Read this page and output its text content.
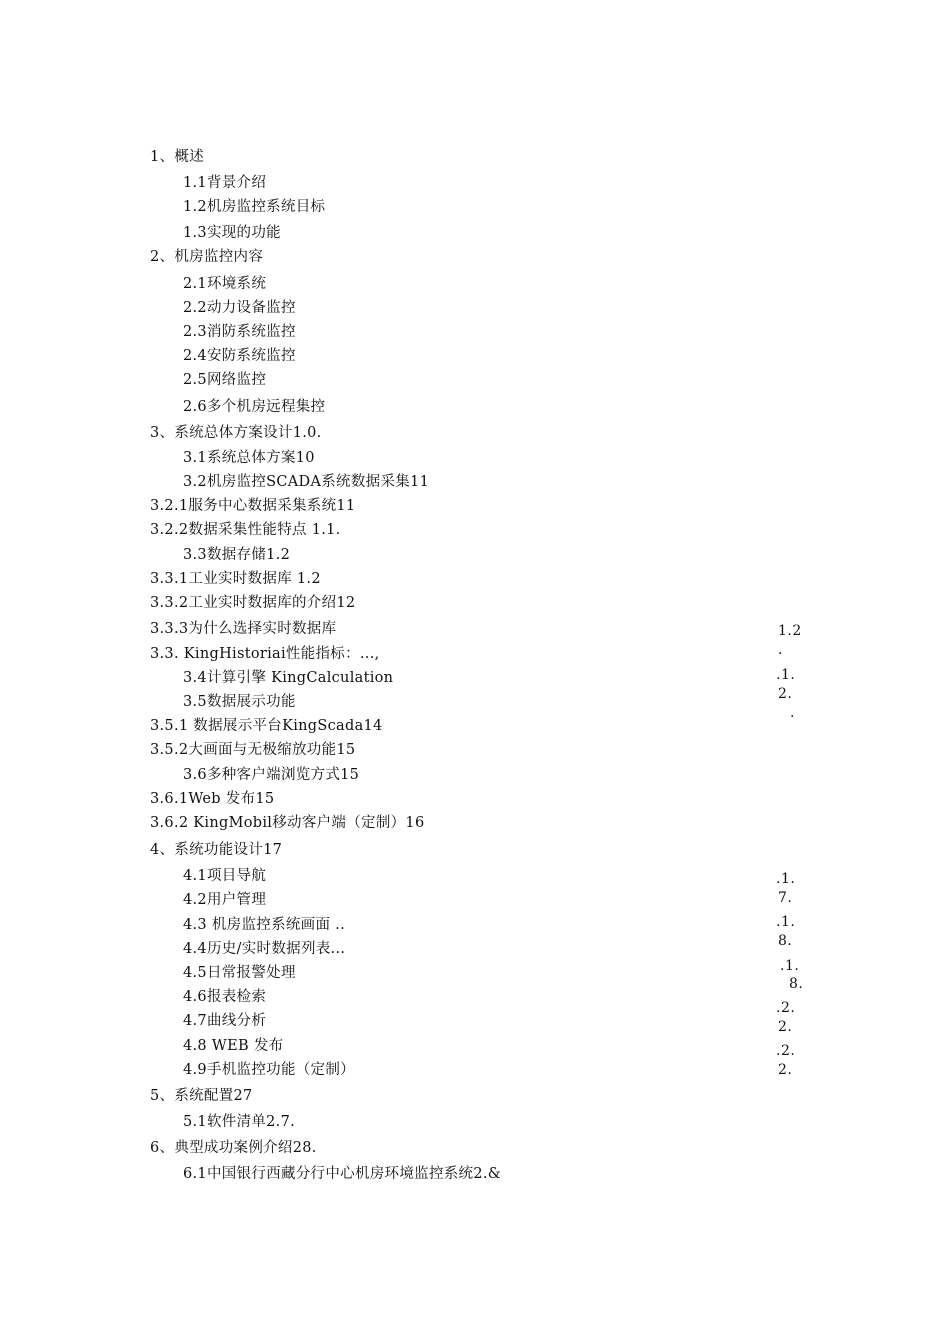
1、概述
1.1背景介绍
1.2机房监控系统目标
1.3实现的功能
2、机房监控内容
2.1环境系统
2.2动力设备监控
2.3消防系统监控
2.4安防系统监控
2.5网络监控
2.6多个机房远程集控
3、系统总体方案设计1.0.
3.1系统总体方案10
3.2机房监控SCADA系统数据采集11
3.2.1服务中心数据采集系统11
3.2.2数据采集性能特点 1.1.
3.3数据存储1.2
3.3.1工业实时数据库 1.2
3.3.2工业实时数据库的介绍12
3.3.3为什么选择实时数据库
3.3. KingHistoriai性能指标：...,
3.4计算引擎 KingCalculation
3.5数据展示功能
3.5.1 数据展示平台KingScada14
3.5.2大画面与无极缩放功能15
3.6多种客户端浏览方式15
3.6.1Web 发布15
3.6.2 KingMobil移动客户端（定制）16
4、系统功能设计17
4.1项目导航
4.2用户管理
4.3 机房监控系统画面 ..
4.4历史/实时数据列表...
4.5日常报警处理
4.6报表检索
4.7曲线分析
4.8 WEB 发布
4.9手机监控功能（定制）
5、系统配置27
5.1软件清单2.7.
6、典型成功案例介绍28.
6.1中国银行西藏分行中心机房环境监控系统2.&
1.2
.
.1.
2.
.
.1.
7.
.1.
8.
.1.
8.
.2.
2.
.2.
2.
